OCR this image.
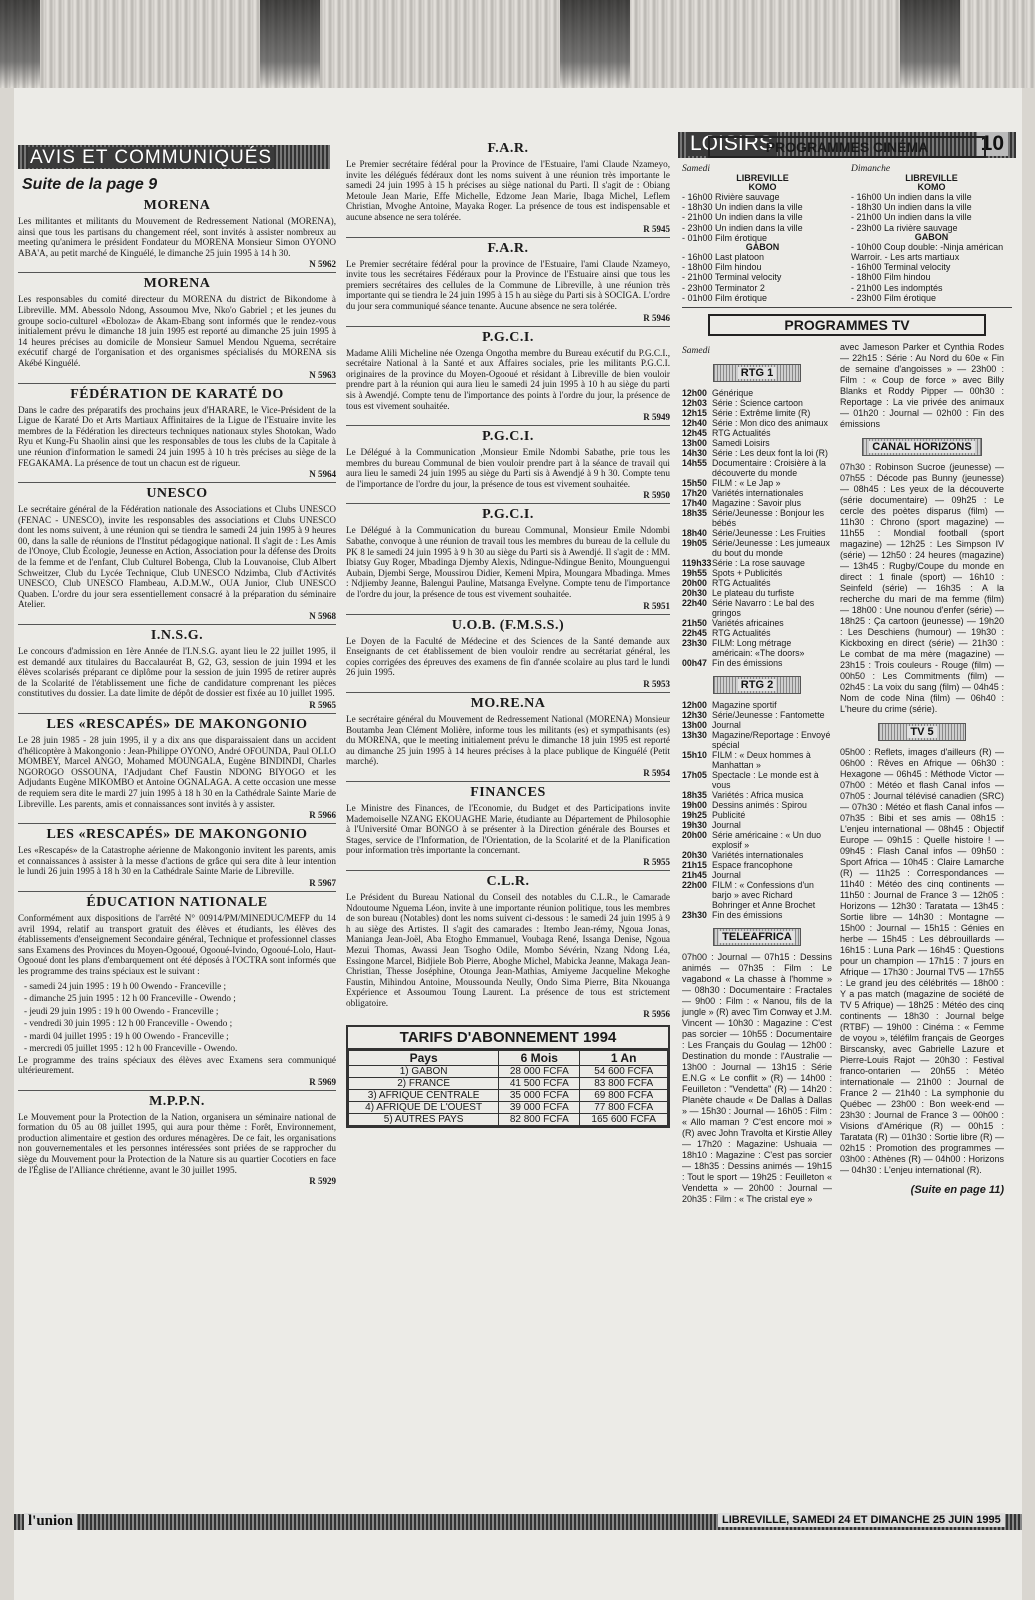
AVIS ET COMMUNIQUÉS
LOISIRS	10
Suite de la page 9
MORENA

Les militantes et militants du Mouvement de Redressement National (MORENA), ainsi que tous les partisans du changement réel, sont invités à assister nombreux au meeting qu'animera le président Fondateur du MORENA Monsieur Simon OYONO ABA'A, au petit marché de Kinguélé, le dimanche 25 juin 1995 à 14 h 30.

N 5962
MORENA

Les responsables du comité directeur du MORENA du district de Bikondome à Libreville. MM. Abessolo Ndong, Assoumou Mve, Nko'o Gabriel ; et les jeunes du groupe socio-culturel «Eboloza» de Akam-Ebang sont informés que le rendez-vous initialement prévu le dimanche 18 juin 1995 est reporté au dimanche 25 juin 1995 à 14 heures précises au domicile de Monsieur Samuel Mendou Nguema, secrétaire exécutif chargé de l'organisation et des organismes spécialisés du MORENA sis Akébé Kinguélé.

N 5963
FÉDÉRATION DE KARATÉ DO

Dans le cadre des préparatifs des prochains jeux d'HARARE, le Vice-Président de la Ligue de Karaté Do et Arts Martiaux Affinitaires de la Ligue de l'Estuaire invite les membres de la Fédération les directeurs techniques nationaux styles Shotokan, Wado Ryu et Kung-Fu Shaolin ainsi que les responsables de tous les clubs de la Capitale à une réunion d'information le samedi 24 juin 1995 à 10 h très précises au siège de la FEGAKAMA. La présence de tout un chacun est de rigueur.

N 5964
UNESCO

Le secrétaire général de la Fédération nationale des Associations et Clubs UNESCO (FENAC - UNESCO), invite les responsables des associations et Clubs UNESCO dont les noms suivent, à une réunion qui se tiendra le samedi 24 juin 1995 à 9 heures 00, dans la salle de réunions de l'Institut pédagogique national. Il s'agit de : Les Amis de l'Onoye, Club Écologie, Jeunesse en Action, Association pour la défense des Droits de la femme et de l'enfant, Club Culturel Bobenga, Club la Louvanoise, Club Albert Schweitzer, Club du Lycée Technique, Club UNESCO Ndzimba, Club d'Activités UNESCO, Club UNESCO Flambeau, A.D.M.W., OUA Junior, Club UNESCO Quaben. L'ordre du jour sera essentiellement consacré à la préparation du séminaire Atelier.

N 5968
I.N.S.G.

Le concours d'admission en 1ère Année de l'I.N.S.G. ayant lieu le 22 juillet 1995, il est demandé aux titulaires du Baccalauréat B, G2, G3, session de juin 1994 et les élèves scolarisés préparant ce diplôme pour la session de juin 1995 de retirer auprès de la Scolarité de l'établissement une fiche de candidature comprenant les pièces constitutives du dossier. La date limite de dépôt de dossier est fixée au 10 juillet 1995.

R 5965
LES «RESCAPÉS» DE MAKONGONIO

Le 28 juin 1985 - 28 juin 1995, il y a dix ans que disparaissaient dans un accident d'hélicoptère à Makongonio : Jean-Philippe OYONO, André OFOUNDA, Paul OLLO MOMBEY, Marcel ANGO, Mohamed MOUNGALA, Eugène BINDINDI, Charles NGOROGO OSSOUNA, l'Adjudant Chef Faustin NDONG BIYOGO et les Adjudants Eugène MIKOMBO et Antoine OGNALAGA. A cette occasion une messe de requiem sera dite le mardi 27 juin 1995 à 18 h 30 en la Cathédrale Sainte Marie de Libreville. Les parents, amis et connaissances sont invités à y assister.

R 5966
LES «RESCAPÉS» DE MAKONGONIO

Les «Rescapés» de la Catastrophe aérienne de Makongonio invitent les parents, amis et connaissances à assister à la messe d'actions de grâce qui sera dite à leur intention le lundi 26 juin 1995 à 18 h 30 en la Cathédrale Sainte Marie de Libreville.

R 5967
ÉDUCATION NATIONALE

Conformément aux dispositions de l'arrêté N° 00914/PM/MINEDUC/MEFP du 14 avril 1994, relatif au transport gratuit des élèves et étudiants, les élèves des établissements d'enseignement Secondaire général, Technique et professionnel classes sans Examens des Provinces du Moyen-Ogooué, Ogooué-Ivindo, Ogooué-Lolo, Haut-Ogooué dont les plans d'embarquement ont été déposés à l'OCTRA sont informés que les programme des trains spéciaux est le suivant :

- samedi 24 juin 1995 : 19 h 00 Owendo - Franceville ;
- dimanche 25 juin 1995 : 12 h 00 Franceville - Owendo ;
- jeudi 29 juin 1995 : 19 h 00 Owendo - Franceville ;
- vendredi 30 juin 1995 : 12 h 00 Franceville - Owendo ;
- mardi 04 juillet 1995 : 19 h 00 Owendo - Franceville ;
- mercredi 05 juillet 1995 : 12 h 00 Franceville - Owendo.

Le programme des trains spéciaux des élèves avec Examens sera communiqué ultérieurement.

R 5969
M.P.P.N.

Le Mouvement pour la Protection de la Nation, organisera un séminaire national de formation du 05 au 08 juillet 1995, qui aura pour thème : Forêt, Environnement, production alimentaire et gestion des ordures ménagères. De ce fait, les organisations non gouvernementales et les personnes intéressées sont priées de se rapprocher du siège du Mouvement pour la Protection de la Nature sis au quartier Cocotiers en face de l'Église de l'Alliance chrétienne, avant le 30 juillet 1995.

R 5929
F.A.R.

Le Premier secrétaire fédéral pour la Province de l'Estuaire, l'ami Claude Nzameyo, invite les délégués fédéraux dont les noms suivent à une réunion très importante le samedi 24 juin 1995 à 15 h précises au siège national du Parti. Il s'agit de : Obiang Metoule Jean Marie, Effe Michelle, Edzome Jean Marie, Ibaga Michel, Leflem Christian, Mvoghe Antoine, Mayaka Roger. La présence de tous est indispensable et aucune absence ne sera tolérée.

R 5945
F.A.R.

Le Premier secrétaire fédéral pour la province de l'Estuaire, l'ami Claude Nzameyo, invite tous les secrétaires Fédéraux pour la Province de l'Estuaire ainsi que tous les premiers secrétaires des cellules de la Commune de Libreville, à une réunion très importante qui se tiendra le 24 juin 1995 à 15 h au siège du Parti sis à SOCIGA. L'ordre du jour sera communiqué séance tenante. Aucune absence ne sera tolérée.

R 5946
P.G.C.I.

Madame Alili Micheline née Ozenga Ongotha membre du Bureau exécutif du P.G.C.I., secrétaire National à la Santé et aux Affaires sociales, prie les militants P.G.C.I. originaires de la province du Moyen-Ogooué et résidant à Libreville de bien vouloir prendre part à la réunion qui aura lieu le samedi 24 juin 1995 à 10 h au siège du parti sis à Awendjé. Compte tenu de l'importance des points à l'ordre du jour, la présence de tous est vivement souhaitée.

R 5949
P.G.C.I.

Le Délégué à la Communication ,Monsieur Emile Ndombi Sabathe, prie tous les membres du bureau Communal de bien vouloir prendre part à la séance de travail qui aura lieu le samedi 24 juin 1995 au siège du Parti sis à Awendjé à 9 h 30. Compte tenu de l'importance de l'ordre du jour, la présence de tous est vivement souhaitée.

R 5950
P.G.C.I.

Le Délégué à la Communication du bureau Communal, Monsieur Emile Ndombi Sabathe, convoque à une réunion de travail tous les membres du bureau de la cellule du PK 8 le samedi 24 juin 1995 à 9 h 30 au siège du Parti sis à Awendjé. Il s'agit de : MM. Ibiatsy Guy Roger, Mbadinga Djemby Alexis, Ndingue-Ndingue Benito, Mounguengui Aubain, Djembi Serge, Moussirou Didier, Kemeni Mpira, Moungara Mbadinga. Mmes : Ndjiemby Jeanne, Balengui Pauline, Matsanga Evelyne. Compte tenu de l'importance de l'ordre du jour, la présence de tous est vivement souhaitée.

R 5951
U.O.B. (F.M.S.S.)

Le Doyen de la Faculté de Médecine et des Sciences de la Santé demande aux Enseignants de cet établissement de bien vouloir rendre au secrétariat général, les copies corrigées des épreuves des examens de fin d'année scolaire au plus tard le lundi 26 juin 1995.

R 5953
MO.RE.NA

Le secrétaire général du Mouvement de Redressement National (MORENA) Monsieur Boutamba Jean Clément Molière, informe tous les militants (es) et sympathisants (es) du MORENA, que le meeting initialement prévu le dimanche 18 juin 1995 est reporté au dimanche 25 juin 1995 à 14 heures précises à la place publique de Kinguélé (Petit marché).

R 5954
FINANCES

Le Ministre des Finances, de l'Economie, du Budget et des Participations invite Mademoiselle NZANG EKOUAGHE Marie, étudiante au Département de Philosophie à l'Université Omar BONGO à se présenter à la Direction générale des Bourses et Stages, service de l'Information, de l'Orientation, de la Scolarité et de la Planification pour information très importante la concernant.

R 5955
C.L.R.

Le Président du Bureau National du Conseil des notables du C.L.R., le Camarade Ndoutoume Nguema Léon, invite à une importante réunion politique, tous les membres de son bureau (Notables) dont les noms suivent ci-dessous : le samedi 24 juin 1995 à 9 h au siège des Artistes. Il s'agit des camarades : Itembo Jean-rémy, Ngoua Jonas, Manianga Jean-Joël, Aba Etogho Emmanuel, Voubaga René, Issanga Denise, Ngoua Mezui Thomas, Awassi Jean Tsogho Odile, Mombo Sévérin, Nzang Ndong Léa, Essingone Marcel, Bidjiele Bob Pierre, Aboghe Michel, Mabicka Jeanne, Makaga Jean-Christian, Thesse Joséphine, Otounga Jean-Mathias, Amiyeme Jacqueline Mekoghe Faustin, Mihindou Antoine, Moussounda Neully, Ondo Sima Pierre, Bita Nkouanga Expérience et Assoumou Toung Laurent. La présence de tous est strictement obligatoire.

R 5956
TARIFS D'ABONNEMENT 1994
Pays	6 Mois	1 An
1) GABON	28 000 FCFA	54 600 FCFA
2) FRANCE	41 500 FCFA	83 800 FCFA
3) AFRIQUE CENTRALE	35 000 FCFA	69 800 FCFA
4) AFRIQUE DE L'OUEST	39 000 FCFA	77 800 FCFA
5) AUTRES PAYS	82 800 FCFA	165 600 FCFA
PROGRAMMES CINÉMA
Samedi
LIBREVILLE
KOMO
- 16h00 Rivière sauvage
- 18h30 Un indien dans la ville
- 21h00 Un indien dans la ville
- 23h00 Un indien dans la ville
- 01h00 Film érotique
GABON
- 16h00 Last platoon
- 18h00 Film hindou
- 21h00 Terminal velocity
- 23h00 Terminator 2
- 01h00 Film érotique
Dimanche
LIBREVILLE
KOMO
- 16h00 Un indien dans la ville
- 18h30 Un indien dans la ville
- 21h00 Un indien dans la ville
- 23h00 La rivière sauvage
GABON
- 10h00 Coup double: -Ninja américan Warroir. - Les arts martiaux
- 16h00 Terminal velocity
- 18h00 Film hindou
- 21h00 Les indomptés
- 23h00 Film érotique
PROGRAMMES TV
Samedi
RTG 1
12h00 Générique
12h03 Série : Science cartoon
12h15 Série : Extrême limite (R)
12h40 Série : Mon dico des animaux
12h45 RTG Actualités
13h00 Samedi Loisirs
14h30 Série : Les deux font la loi (R)
14h55 Documentaire : Croisière à la découverte du monde
15h50 FILM : « Le Jap »
17h20 Variétés internationales
17h40 Magazine : Savoir plus
18h35 Série/Jeunesse : Bonjour les bébés
18h40 Série/Jeunesse : Les Fruities
19h05 Série/Jeunesse : Les jumeaux du bout du monde
119h33 Série : La rose sauvage
19h55 Spots + Publicités
20h00 RTG Actualités
20h30 Le plateau du turfiste
22h40 Série Navarro : Le bal des gringos
21h50 Variétés africaines
22h45 RTG Actualités
23h30 FILM: Long métrage américain: «The doors»
00h47 Fin des émissions
RTG 2
12h00 Magazine sportif
12h30 Série/Jeunesse : Fantomette
13h00 Journal
13h30 Magazine/Reportage : Envoyé spécial
15h10 FILM : « Deux hommes à Manhattan »
17h05 Spectacle : Le monde est à vous
18h35 Variétés : Africa musica
19h00 Dessins animés : Spirou
19h25 Publicité
19h30 Journal
20h00 Série américaine : « Un duo explosif »
20h30 Variétés internationales
21h15 Espace francophone
21h45 Journal
22h00 FILM : « Confessions d'un barjo » avec Richard Bohringer et Anne Brochet
23h30 Fin des émissions
TELEAFRICA
07h00 : Journal — 07h15 : Dessins animés — 07h35 : Film : Le vagabond « La chasse à l'homme » — 08h30 : Documentaire : Fractales — 9h00 : Film : « Nanou, fils de la jungle » (R) avec Tim Conway et J.M. Vincent — 10h30 : Magazine : C'est pas sorcier — 10h55 : Documentaire : Les Français du Goulag — 12h00 : Destination du monde : l'Australie — 13h00 : Journal — 13h15 : Série E.N.G « Le conflit » (R) — 14h00 : Feuilleton : "Vendetta" (R) — 14h20 : Planète chaude « De Dallas à Dallas » — 15h30 : Journal — 16h05 : Film : « Allo maman ? C'est encore moi » (R) avec John Travolta et Kirstie Alley — 17h20 : Magazine: Ushuaia — 18h10 : Magazine : C'est pas sorcier — 18h35 : Dessins animés — 19h15 : Tout le sport — 19h25 : Feuilleton « Vendetta » — 20h00 : Journal — 20h35 : Film : « The cristal eye »
avec Jameson Parker et Cynthia Rodes — 22h15 : Série : Au Nord du 60e « Fin de semaine d'angoisses » — 23h00 : Film : « Coup de force » avec Billy Blanks et Roddy Pipper — 00h30 : Reportage : La vie privée des animaux — 01h20 : Journal — 02h00 : Fin des émissions
CANAL HORIZONS
07h30 : Robinson Sucroe (jeunesse) — 07h55 : Décode pas Bunny (jeunesse) — 08h45 : Les yeux de la découverte (série documentaire) — 09h25 : Le cercle des poètes disparus (film) — 11h30 : Chrono (sport magazine) — 11h55 : Mondial football (sport magazine) — 12h25 : Les Simpson IV (série) — 12h50 : 24 heures (magazine) — 13h45 : Rugby/Coupe du monde en direct : 1 finale (sport) — 16h10 : Seinfeld (série) — 16h35 : A la recherche du mari de ma femme (film) — 18h00 : Une nounou d'enfer (série) — 18h25 : Ça cartoon (jeunesse) — 19h20 : Les Deschiens (humour) — 19h30 : Kickboxing en direct (série) — 21h30 : Le combat de ma mère (magazine) — 23h15 : Trois couleurs - Rouge (film) — 00h50 : Les Commitments (film) — 02h45 : La voix du sang (film) — 04h45 : Nom de code Nina (film) — 06h40 : L'heure du crime (série).
TV 5
05h00 : Reflets, images d'ailleurs (R) — 06h00 : Rêves en Afrique — 06h30 : Hexagone — 06h45 : Méthode Victor — 07h00 : Météo et flash Canal infos — 07h05 : Journal télévisé canadien (SRC) — 07h30 : Météo et flash Canal infos — 07h35 : Bibi et ses amis — 08h15 : L'enjeu international — 08h45 : Objectif Europe — 09h15 : Quelle histoire ! — 09h45 : Flash Canal infos — 09h50 : Sport Africa — 10h45 : Claire Lamarche (R) — 11h25 : Correspondances — 11h40 : Météo des cinq continents — 11h50 : Journal de France 3 — 12h05 : Horizons — 12h30 : Taratata — 13h45 : Sortie libre — 14h30 : Montagne — 15h00 : Journal — 15h15 : Génies en herbe — 15h45 : Les débrouillards — 16h15 : Luna Park — 16h45 : Questions pour un champion — 17h15 : 7 jours en Afrique — 17h30 : Journal TV5 — 17h55 : Le grand jeu des célébrités — 18h00 : Y a pas match (magazine de société de TV 5 Afrique) — 18h25 : Météo des cinq continents — 18h30 : Journal belge (RTBF) — 19h00 : Cinéma : « Femme de voyou », téléfilm français de Georges Birscansky, avec Gabrielle Lazure et Pierre-Louis Rajot — 20h30 : Festival franco-ontarien — 20h55 : Météo internationale — 21h00 : Journal de France 2 — 21h40 : La symphonie du Québec — 23h00 : Bon week-end — 23h30 : Journal de France 3 — 00h00 : Visions d'Amérique (R) — 00h15 : Taratata (R) — 01h30 : Sortie libre (R) — 02h15 : Promotion des programmes — 03h00 : Athènes (R) — 04h00 : Horizons — 04h30 : L'enjeu international (R).
(Suite en page 11)
l'union	LIBREVILLE, SAMEDI 24 ET DIMANCHE 25 JUIN 1995
